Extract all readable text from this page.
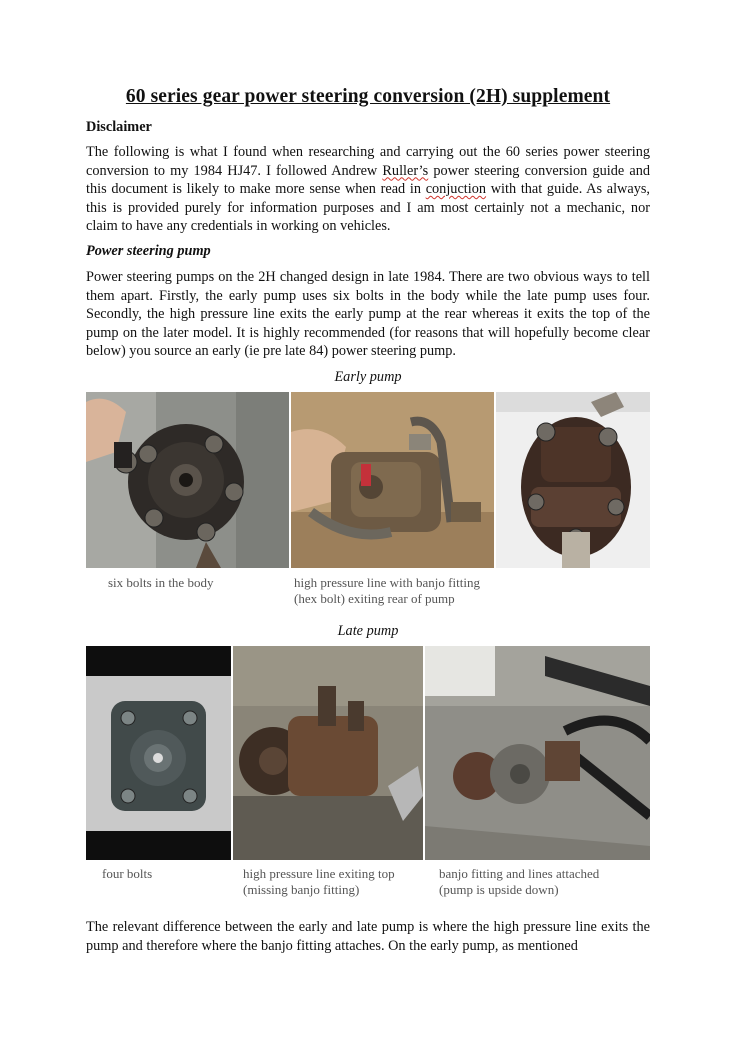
60 series gear power steering conversion (2H) supplement
Disclaimer

The following is what I found when researching and carrying out the 60 series power steering conversion to my 1984 HJ47. I followed Andrew Ruller’s power steering conversion guide and this document is likely to make more sense when read in conjuction with that guide. As always, this is provided purely for information purposes and I am most certainly not a mechanic, nor claim to have any credentials in working on vehicles.

Power steering pump

Power steering pumps on the 2H changed design in late 1984. There are two obvious ways to tell them apart. Firstly, the early pump uses six bolts in the body while the late pump uses four. Secondly, the high pressure line exits the early pump at the rear whereas it exits the top of the pump on the later model. It is highly recommended (for reasons that will hopefully become clear below) you source an early (ie pre late 84) power steering pump.

Early pump
six bolts in the body	high pressure line with banjo fitting
(hex bolt) exiting rear of pump
Late pump
four bolts	high pressure line exiting top
(missing banjo fitting)
banjo fitting and lines attached
(pump is upside down)

The relevant difference between the early and late pump is where the high pressure line exits the pump and therefore where the banjo fitting attaches. On the early pump, as mentioned
